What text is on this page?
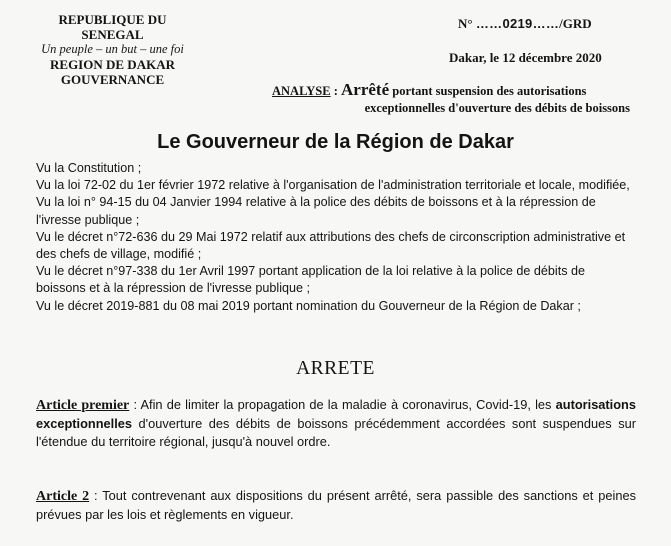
REPUBLIQUE DU SENEGAL
Un peuple – un but – une foi
REGION DE DAKAR
GOUVERNANCE
N° ……0219……/GRD
Dakar, le 12 décembre 2020
ANALYSE : Arrêté portant suspension des autorisations
exceptionnelles d'ouverture des débits de boissons
Le Gouverneur de la Région de Dakar

Vu la Constitution ;

Vu la loi 72-02 du 1er février 1972 relative à l'organisation de l'administration territoriale et locale, modifiée,

Vu la loi n° 94-15 du 04 Janvier 1994 relative à la police des débits de boissons et à la répression de l'ivresse publique ;

Vu le décret n°72-636 du 29 Mai 1972 relatif aux attributions des chefs de circonscription administrative et des chefs de village, modifié ;

Vu le décret n°97-338 du 1er Avril 1997 portant application de la loi relative à la police de débits de boissons et à la répression de l'ivresse publique ;

Vu le décret 2019-881 du 08 mai 2019 portant nomination du Gouverneur de la Région de Dakar ;

ARRETE

Article premier : Afin de limiter la propagation de la maladie à coronavirus, Covid-19, les autorisations exceptionnelles d'ouverture des débits de boissons précédemment accordées sont suspendues sur l'étendue du territoire régional, jusqu'à nouvel ordre.

Article 2 : Tout contrevenant aux dispositions du présent arrêté, sera passible des sanctions et peines prévues par les lois et règlements en vigueur.
